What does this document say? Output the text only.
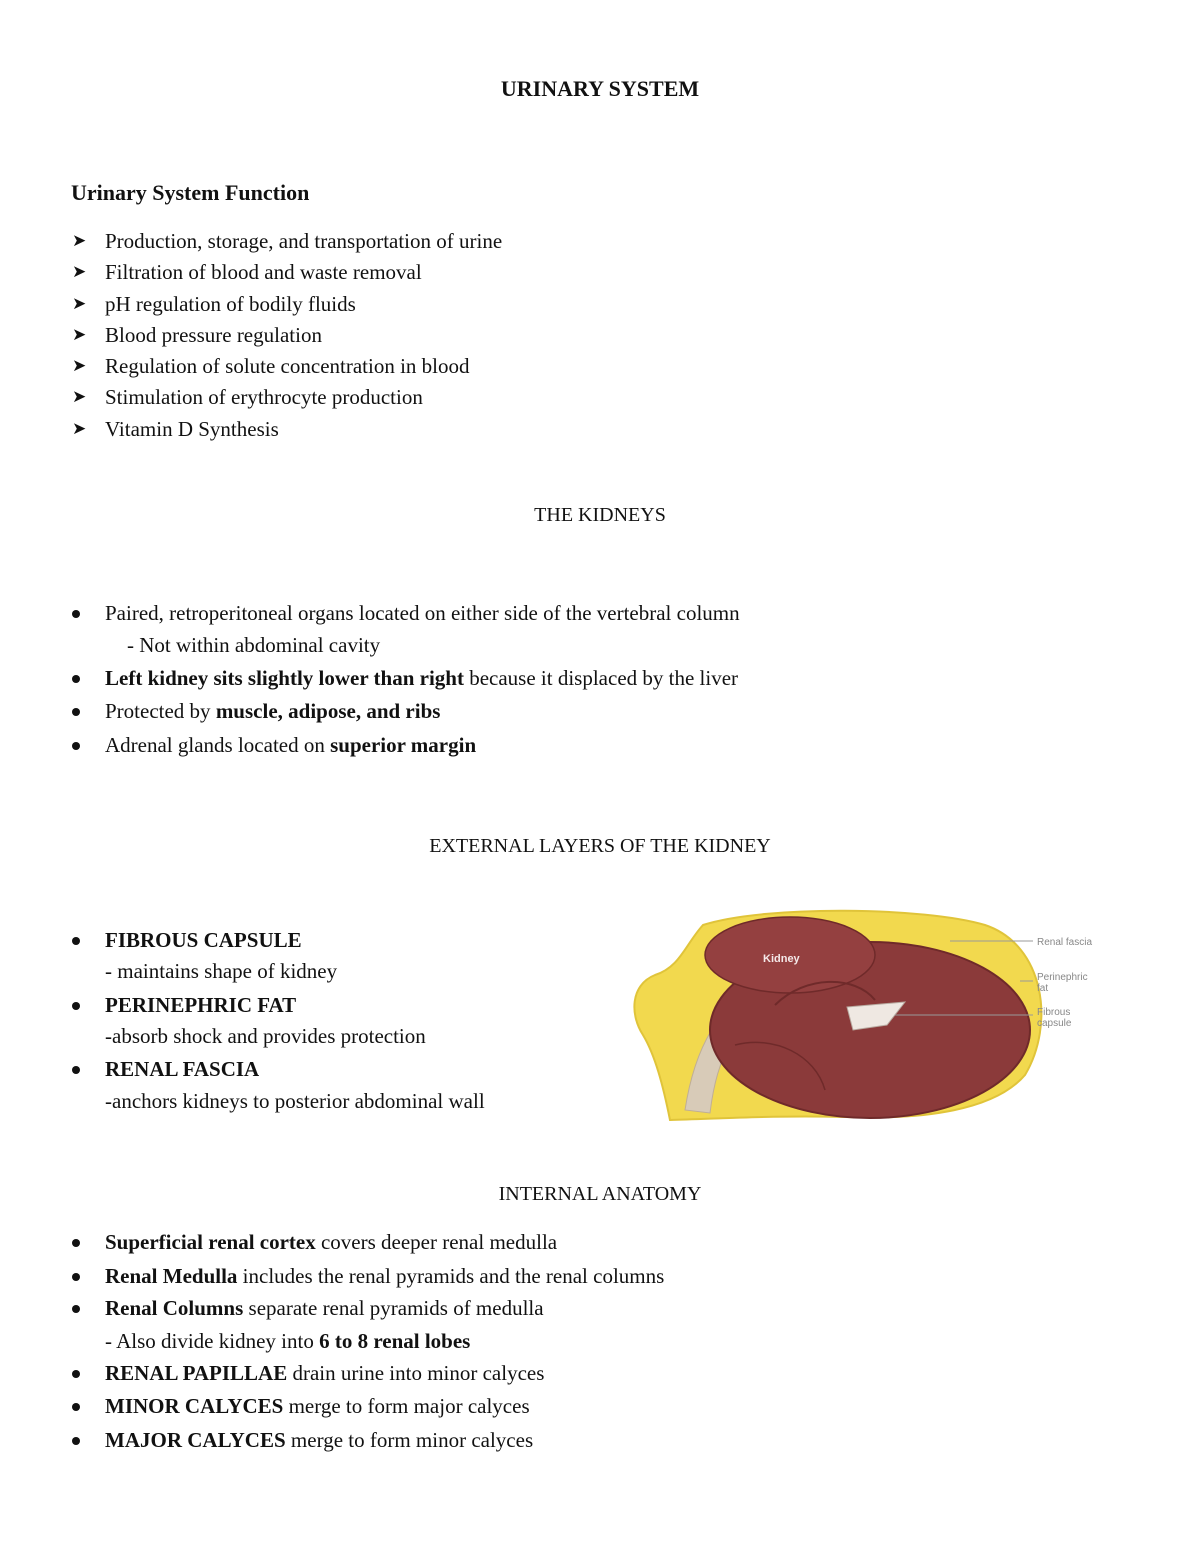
URINARY SYSTEM
Urinary System Function
➤ Production, storage, and transportation of urine
➤ Filtration of blood and waste removal
➤ pH regulation of bodily fluids
➤ Blood pressure regulation
➤ Regulation of solute concentration in blood
➤ Stimulation of erythrocyte production
➤ Vitamin D Synthesis
THE KIDNEYS
Paired, retroperitoneal organs located on either side of the vertebral column
- Not within abdominal cavity
Left kidney sits slightly lower than right because it displaced by the liver
Protected by muscle, adipose, and ribs
Adrenal glands located on superior margin
EXTERNAL LAYERS OF THE KIDNEY
FIBROUS CAPSULE
- maintains shape of kidney
PERINEPHRIC FAT
-absorb shock and provides protection
RENAL FASCIA
-anchors kidneys to posterior abdominal wall
Kidney
Renal fascia
Perinephric
fat
Fibrous
capsule
INTERNAL ANATOMY
Superficial renal cortex covers deeper renal medulla
Renal Medulla includes the renal pyramids and the renal columns
Renal Columns separate renal pyramids of medulla
- Also divide kidney into 6 to 8 renal lobes
RENAL PAPILLAE drain urine into minor calyces
MINOR CALYCES merge to form major calyces
MAJOR CALYCES merge to form minor calyces
